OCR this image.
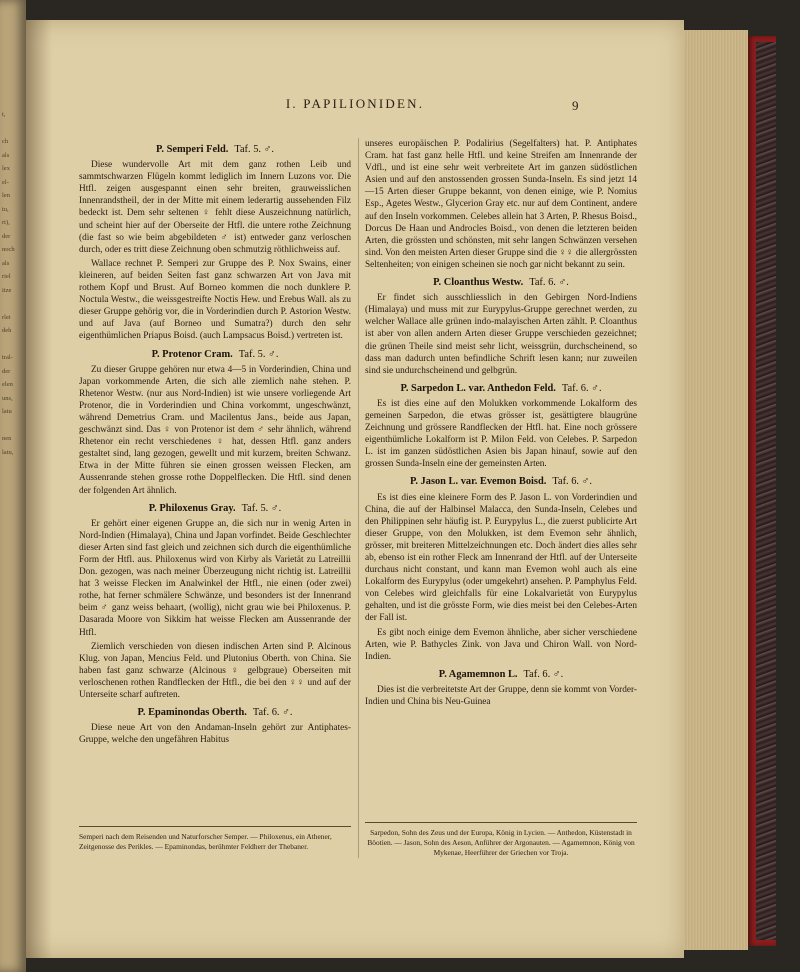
t,

ch
als
lex
el-
len
tu,
rt),
der
noch
als
riel
itze

rlei
deh

tral-
der
elen
uns,
latu

nen
latu,
I. PAPILIONIDEN.	9
P. Semperi Feld. Taf. 5. ♂.

Diese wundervolle Art mit dem ganz rothen Leib und sammtschwarzen Flügeln kommt lediglich im Innern Luzons vor. Die Htfl. zeigen ausgespannt einen sehr breiten, grauweisslichen Innenrandstheil, der in der Mitte mit einem lederartig aussehenden Filz bedeckt ist. Dem sehr seltenen ♀ fehlt diese Auszeichnung natürlich, und scheint hier auf der Oberseite der Htfl. die untere rothe Zeichnung (die fast so wie beim abgebildeten ♂ ist) entweder ganz verloschen durch, oder es tritt diese Zeichnung oben schmutzig röthlichweiss auf.

Wallace rechnet P. Semperi zur Gruppe des P. Nox Swains, einer kleineren, auf beiden Seiten fast ganz schwarzen Art von Java mit rothem Kopf und Brust. Auf Borneo kommen die noch dunklere P. Noctula Westw., die weissgestreifte Noctis Hew. und Erebus Wall. als zu dieser Gruppe gehörig vor, die in Vorderindien durch P. Astorion Westw. und auf Java (auf Borneo und Sumatra?) durch den sehr eigenthümlichen Priapus Boisd. (auch Lampsacus Boisd.) vertreten ist.

P. Protenor Cram. Taf. 5. ♂.

Zu dieser Gruppe gehören nur etwa 4—5 in Vorderindien, China und Japan vorkommende Arten, die sich alle ziemlich nahe stehen. P. Rhetenor Westw. (nur aus Nord-Indien) ist wie unsere vorliegende Art Protenor, die in Vorderindien und China vorkommt, ungeschwänzt, während Demetrius Cram. und Macilentus Jans., beide aus Japan, geschwänzt sind. Das ♀ von Protenor ist dem ♂ sehr ähnlich, während Rhetenor ein recht verschiedenes ♀ hat, dessen Htfl. ganz anders gestaltet sind, lang gezogen, gewellt und mit kurzem, breiten Schwanz. Etwa in der Mitte führen sie einen grossen weissen Flecken, am Aussenrande stehen grosse rothe Doppelflecken. Die Htfl. sind denen der folgenden Art ähnlich.

P. Philoxenus Gray. Taf. 5. ♂.

Er gehört einer eigenen Gruppe an, die sich nur in wenig Arten in Nord-Indien (Himalaya), China und Japan vorfindet. Beide Geschlechter dieser Arten sind fast gleich und zeichnen sich durch die eigenthümliche Form der Htfl. aus. Philoxenus wird von Kirby als Varietät zu Latreillii Don. gezogen, was nach meiner Überzeugung nicht richtig ist. Latreillii hat 3 weisse Flecken im Analwinkel der Htfl., nie einen (oder zwei) rothe, hat ferner schmälere Schwänze, und besonders ist der Innenrand beim ♂ ganz weiss behaart, (wollig), nicht grau wie bei Philoxenus. P. Dasarada Moore von Sikkim hat weisse Flecken am Aussenrande der Htfl.

Ziemlich verschieden von diesen indischen Arten sind P. Alcinous Klug. von Japan, Mencius Feld. und Plutonius Oberth. von China. Sie haben fast ganz schwarze (Alcinous ♀ gelbgraue) Oberseiten mit verloschenen rothen Randflecken der Htfl., die bei den ♀♀ und auf der Unterseite scharf auftreten.

P. Epaminondas Oberth. Taf. 6. ♂.

Diese neue Art von den Andaman-Inseln gehört zur Antiphates-Gruppe, welche den ungefähren Habitus

unseres europäischen P. Podalirius (Segelfalters) hat. P. Antiphates Cram. hat fast ganz helle Htfl. und keine Streifen am Innenrande der Vdfl., und ist eine sehr weit verbreitete Art im ganzen südöstlichen Asien und auf den anstossenden grossen Sunda-Inseln. Es sind jetzt 14—15 Arten dieser Gruppe bekannt, von denen einige, wie P. Nomius Esp., Agetes Westw., Glycerion Gray etc. nur auf dem Continent, andere auf den Inseln vorkommen. Celebes allein hat 3 Arten, P. Rhesus Boisd., Dorcus De Haan und Androcles Boisd., von denen die letzteren beiden Arten, die grössten und schönsten, mit sehr langen Schwänzen versehen sind. Von den meisten Arten dieser Gruppe sind die ♀♀ die allergrössten Seltenheiten; von einigen scheinen sie noch gar nicht bekannt zu sein.

P. Cloanthus Westw. Taf. 6. ♂.

Er findet sich ausschliesslich in den Gebirgen Nord-Indiens (Himalaya) und muss mit zur Eurypylus-Gruppe gerechnet werden, zu welcher Wallace alle grünen indo-malayischen Arten zählt. P. Cloanthus ist aber von allen andern Arten dieser Gruppe verschieden gezeichnet; die grünen Theile sind meist sehr licht, weissgrün, durchscheinend, so dass man dadurch unten befindliche Schrift lesen kann; nur zuweilen sind sie undurchscheinend und gelbgrün.

P. Sarpedon L. var. Anthedon Feld. Taf. 6. ♂.

Es ist dies eine auf den Molukken vorkommende Lokalform des gemeinen Sarpedon, die etwas grösser ist, gesättigtere blaugrüne Zeichnung und grössere Randflecken der Htfl. hat. Eine noch grössere eigenthümliche Lokalform ist P. Milon Feld. von Celebes. P. Sarpedon L. ist im ganzen südöstlichen Asien bis Japan hinauf, sowie auf den grossen Sunda-Inseln eine der gemeinsten Arten.

P. Jason L. var. Evemon Boisd. Taf. 6. ♂.

Es ist dies eine kleinere Form des P. Jason L. von Vorderindien und China, die auf der Halbinsel Malacca, den Sunda-Inseln, Celebes und den Philippinen sehr häufig ist. P. Eurypylus L., die zuerst publicirte Art dieser Gruppe, von den Molukken, ist dem Evemon sehr ähnlich, grösser, mit breiteren Mittelzeichnungen etc. Doch ändert dies alles sehr ab, ebenso ist ein rother Fleck am Innenrand der Htfl. auf der Unterseite durchaus nicht constant, und kann man Evemon wohl auch als eine Lokalform des Eurypylus (oder umgekehrt) ansehen. P. Pamphylus Feld. von Celebes wird gleichfalls für eine Lokalvarietät von Eurypylus gehalten, und ist die grösste Form, wie dies meist bei den Celebes-Arten der Fall ist.

Es gibt noch einige dem Evemon ähnliche, aber sicher verschiedene Arten, wie P. Bathycles Zink. von Java und Chiron Wall. von Nord-Indien.

P. Agamemnon L. Taf. 6. ♂.

Dies ist die verbreitetste Art der Gruppe, denn sie kommt von Vorder-Indien und China bis Neu-Guinea

Semperi nach dem Reisenden und Naturforscher Semper. — Philoxenus, ein Athener, Zeitgenosse des Perikles. — Epaminondas, berühmter Feldherr der Thebaner.
Sarpedon, Sohn des Zeus und der Europa, König in Lycien. — Anthedon, Küstenstadt in Böotien. — Jason, Sohn des Aeson, Anführer der Argonauten. — Agamemnon, König von Mykenae, Heerführer der Griechen vor Troja.
